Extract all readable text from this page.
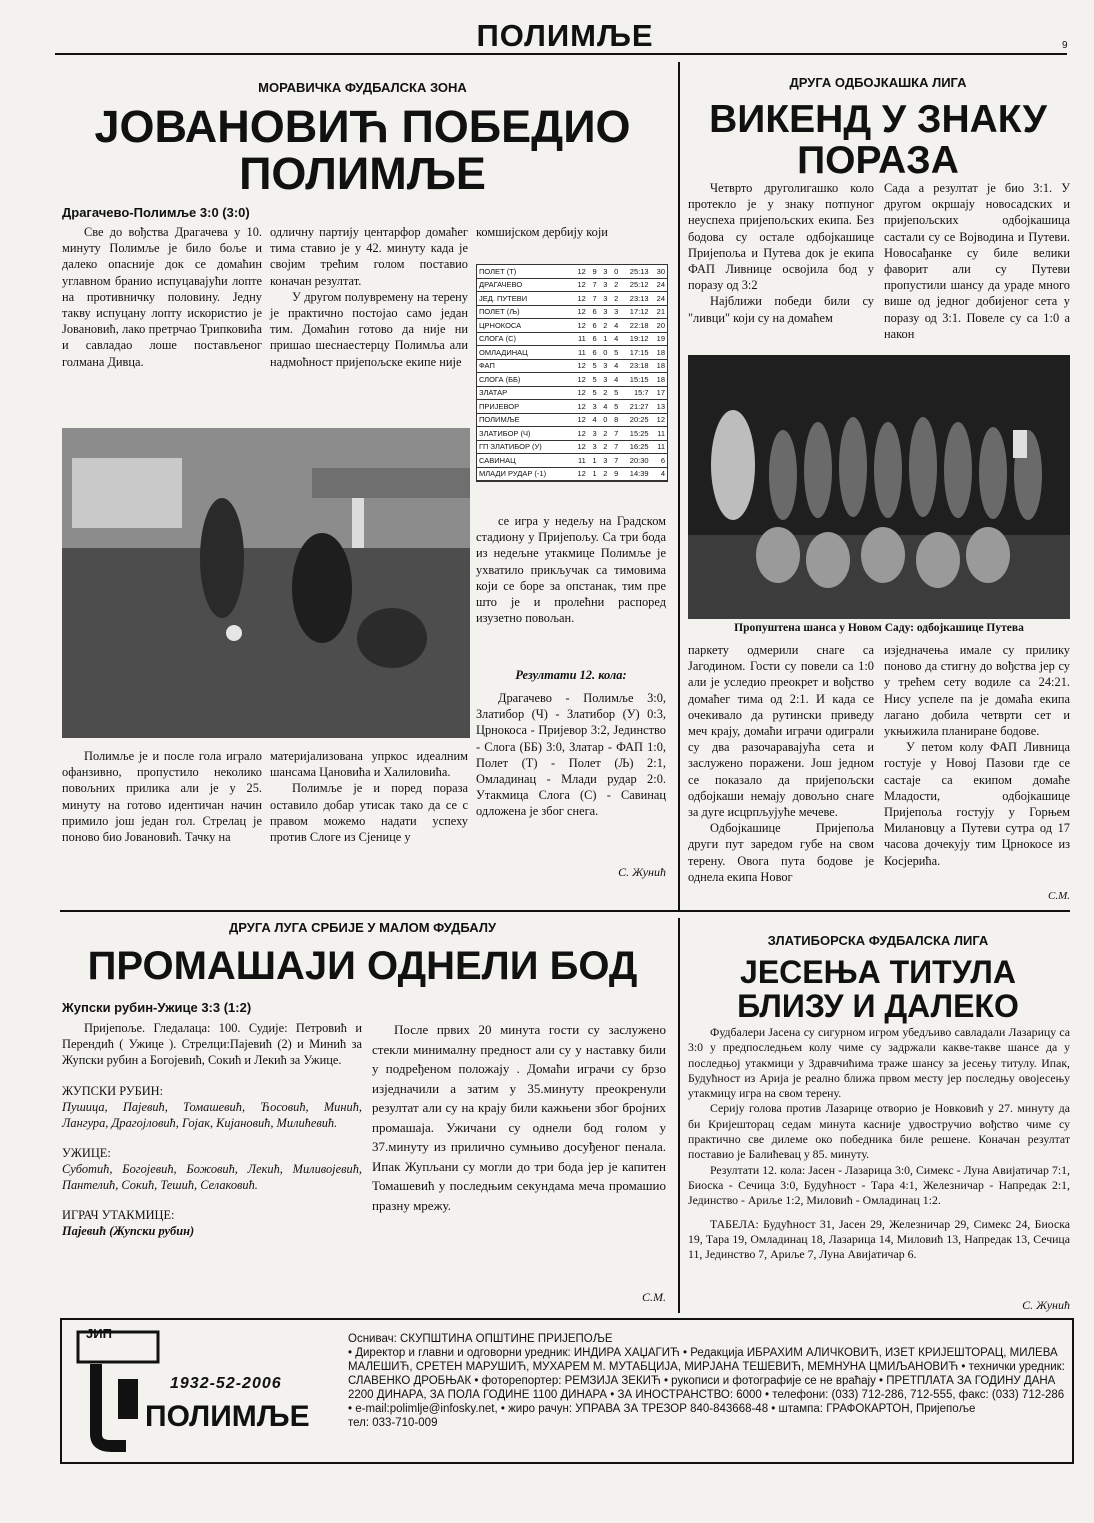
ПОЛИМЉЕ	9
МОРАВИЧКА ФУДБАЛСКА ЗОНА
ЈОВАНОВИЋ ПОБЕДИО ПОЛИМЉЕ
Драгачево-Полимље 3:0 (3:0)

Све до вођства Драгачева у 10. минуту Полимље је било боље и далеко опасније док се домаћин углавном бранио испуцавајући лопте на противничку половину. Једну такву испуцану лопту искористио је Јовановић, лако претрчао Трипковића и савладао лоше постављеног голмана Дивца.

одличну партију центарфор домаћег тима ставио је у 42. минуту када је својим трећим голом поставио коначан резултат.

У другом полувремену на терену је практично постојао само један тим. Домаћин готово да није ни пришао шеснаестерцу Полимља али надмоћност пријепољске екипе није

комшијском дербију који

ПОЛЕТ (Т)	12	9	3	0	25:13	30
ДРАГАЧЕВО	12	7	3	2	25:12	24
ЈЕД. ПУТЕВИ	12	7	3	2	23:13	24
ПОЛЕТ (Љ)	12	6	3	3	17:12	21
ЦРНОКОСА	12	6	2	4	22:18	20
СЛОГА (С)	11	6	1	4	19:12	19
ОМЛАДИНАЦ	11	6	0	5	17:15	18
ФАП	12	5	3	4	23:18	18
СЛОГА (ББ)	12	5	3	4	15:15	18
ЗЛАТАР	12	5	2	5	15:7	17
ПРИЈЕВОР	12	3	4	5	21:27	13
ПОЛИМЉЕ	12	4	0	8	20:25	12
ЗЛАТИБОР (Ч)	12	3	2	7	15:25	11
ГП ЗЛАТИБОР (У)	12	3	2	7	16:25	11
САВИНАЦ	11	1	3	7	20:30	6
МЛАДИ РУДАР (-1)	12	1	2	9	14:39	4

се игра у недељу на Градском стадиону у Пријепољу. Са три бода из недељне утакмице Полимље је ухватило прикључак са тимовима који се боре за опстанак, тим пре што је и пролећни распоред изузетно повољан.

Резултати 12. кола:

Драгачево - Полимље 3:0, Златибор (Ч) - Златибор (У) 0:3, Црнокоса - Пријевор 3:2, Јединство - Слога (ББ) 3:0, Златар - ФАП 1:0, Полет (Т) - Полет (Љ) 2:1, Омладинац - Млади рудар 2:0. Утакмица Слога (С) - Савинац одложена је због снега.

Полимље је и после гола играло офанзивно, пропустило неколико повољних прилика али је у 25. минуту на готово идентичан начин примило још један гол. Стрелац је поново био Јовановић. Тачку на

материјализована упркос идеалним шансама Цановића и Халиловића.

Полимље је и поред пораза оставило добар утисак тако да се с правом можемо надати успеху против Слоге из Сјенице у

С. Жунић
ДРУГА ОДБОЈКАШКА ЛИГА
ВИКЕНД У ЗНАКУ ПОРАЗА

Четврто друголигашко коло протекло је у знаку потпуног неуспеха пријепољских екипа. Без бодова су остале одбојкашице Пријепоља и Путева док је екипа ФАП Ливнице освојила бод у поразу од 3:2

Најближи победи били су "ливци" који су на домаћем

Сада а резултат је био 3:1. У другом окршају новосадских и пријепољских одбојкашица састали су се Војводина и Путеви. Новосађанке су биле велики фаворит али су Путеви пропустили шансу да ураде много више од једног добијеног сета у поразу од 3:1. Повеле су са 1:0 а након

Пропуштена шанса у Новом Саду: одбојкашице Путева

паркету одмерили снаге са Јагодином. Гости су повели са 1:0 али је уследио преокрет и вођство домаћег тима од 2:1. И када се очекивало да рутински приведу меч крају, домаћи играчи одиграли су два разочаравајућа сета и заслужено поражени. Још једном се показало да пријепољски одбојкаши немају довољно снаге за дуге исцрпљујуће мечеве.

Одбојкашице Пријепоља други пут заредом губе на свом терену. Овога пута бодове је однела екипа Новог

изједначења имале су прилику поново да стигну до вођства јер су у трећем сету водиле са 24:21. Нису успеле па је домаћа екипа лагано добила четврти сет и укњижила планиране бодове.

У петом колу ФАП Ливница гостује у Новој Пазови где се састаје са екипом домаће Младости, одбојкашице Пријепоља гостују у Горњем Милановцу а Путеви сутра од 17 часова дочекују тим Црнокосе из Косјерића.

С.М.
ДРУГА ЛУГА СРБИЈЕ У МАЛОМ ФУДБАЛУ
ПРОМАШАЈИ ОДНЕЛИ БОД
Жупски рубин-Ужице 3:3 (1:2)

Пријепоље. Гледалаца: 100. Судије: Петровић и Перендић ( Ужице ). Стрелци:Пајевић (2) и Минић за Жупски рубин а Богојевић, Сокић и Лекић за Ужице.

ЖУПСКИ РУБИН:
Пушица, Пајевић, Томашевић, Ћосовић, Минић, Лангура, Драгојловић, Гојак, Кијановић, Милићевић.
УЖИЦЕ:
Суботић, Богојевић, Божовић, Лекић, Миливојевић, Пантелић, Сокић, Тешић, Селаковић.
ИГРАЧ УТАКМИЦЕ:
Пајевић (Жупски рубин)

После првих 20 минута гости су заслужено стекли минималну предност али су у наставку били у подређеном положају . Домаћи играчи су брзо изједначили а затим у 35.минуту преокренули резултат али су на крају били кажњени због бројних промашаја. Ужичани су однели бод голом у 37.минуту из прилично сумњиво досуђеног пенала. Ипак Жупљани су могли до три бода јер је капитен Томашевић у последњим секундама меча промашио празну мрежу.

С.М.
ЗЛАТИБОРСКА ФУДБАЛСКА ЛИГА
ЈЕСЕЊА ТИТУЛА БЛИЗУ И ДАЛЕКО

Фудбалери Јасена су сигурном игром убедљиво савладали Лазарицу са 3:0 у предпоследњем колу чиме су задржали какве-такве шансе да у последњој утакмици у Здравчићима траже шансу за јесењу титулу. Ипак, Будућност из Арија је реално ближа првом месту јер последњу овојесењу утакмицу игра на свом терену.

Серију голова против Лазарице отворио је Новковић у 27. минуту да би Кријешторац седам минута касније удвостручио вођство чиме су практично све дилеме око победника биле решене. Коначан резултат поставио је Балићевац у 85. минуту.

Резултати 12. кола: Јасен - Лазарица 3:0, Симекс - Луна Авијатичар 7:1, Биоска - Сечица 3:0, Будућност - Тара 4:1, Железничар - Напредак 2:1, Јединство - Ариље 1:2, Миловић - Омладинац 1:2.

ТАБЕЛА: Будућност 31, Јасен 29, Железничар 29, Симекс 24, Биоска 19, Тара 19, Омладинац 18, Лазарица 14, Миловић 13, Напредак 13, Сечица 11, Јединство 7, Ариље 7, Луна Авијатичар 6.

С. Жунић
ЈИП
1932-52-2006
ПОЛИМЉЕ
Оснивач: СКУПШТИНА ОПШТИНЕ ПРИЈЕПОЉЕ
• Директор и главни и одговорни уредник: ИНДИРА ХАЏАГИЋ • Редакција ИБРАХИМ АЛИЧКОВИЋ, ИЗЕТ КРИЈЕШТОРАЦ, МИЛЕВА МАЛЕШИЋ, СРЕТЕН МАРУШИЋ, МУХАРЕМ М. МУТАБЦИЈА, МИРЈАНА ТЕШЕВИЋ, МЕМНУНА ЦМИЉАНОВИЋ • технички уредник: СЛАВЕНКО ДРОБЊАК • фоторепортер: РЕМЗИЈА ЗЕКИЋ • рукописи и фотографије се не враћају • ПРЕТПЛАТА ЗА ГОДИНУ ДАНА 2200 ДИНАРА, ЗА ПОЛА ГОДИНЕ 1100 ДИНАРА • ЗА ИНОСТРАНСТВО: 6000 • телефони: (033) 712-286, 712-555, факс: (033) 712-286
• e-mail:polimlje@infosky.net, • жиро рачун: УПРАВА ЗА ТРЕЗОР 840-843668-48 • штампа: ГРАФОКАРТОН, Пријепоље
тел: 033-710-009
